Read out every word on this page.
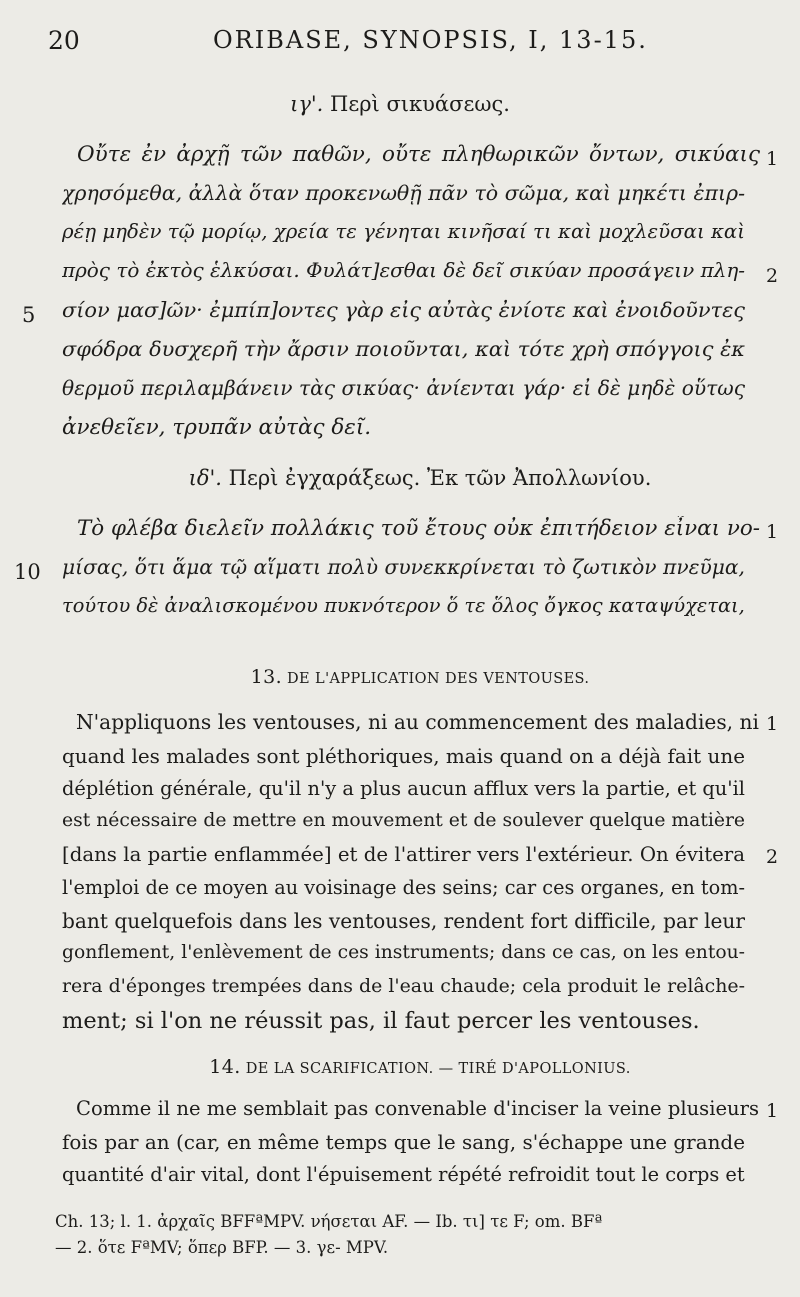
20	ORIBASE, SYNOPSIS, I, 13-15.
ιγ'. Περὶ σικυάσεως.
Οὔτε ἐν ἀρχῇ τῶν παθῶν, οὔτε πληθωρικῶν ὄντων, σικύαις
χρησόμεθα, ἀλλὰ ὅταν προκενωθῇ πᾶν τὸ σῶμα, καὶ μηκέτι ἐπιρ-
ρέῃ μηδὲν τῷ μορίῳ, χρεία τε γένηται κινῆσαί τι καὶ μοχλεῦσαι καὶ
πρὸς τὸ ἐκτὸς ἑλκύσαι. Φυλάτ]εσθαι δὲ δεῖ σικύαν προσάγειν πλη-
σίον μασ]ῶν· ἐμπίπ]οντες γὰρ εἰς αὐτὰς ἐνίοτε καὶ ἐνοιδοῦντες
σφόδρα δυσχερῆ τὴν ἄρσιν ποιοῦνται, καὶ τότε χρὴ σπόγγοις ἐκ
θερμοῦ περιλαμβάνειν τὰς σικύας· ἀνίενται γάρ· εἰ δὲ μηδὲ οὕτως
ἀνεθεῖεν, τρυπᾶν αὐτὰς δεῖ.
1
2
5
ιδ'. Περὶ ἐγχαράξεως. Ἐκ τῶν Ἀπολλωνίου.
Τὸ φλέβα διελεῖν πολλάκις τοῦ ἔτους οὐκ ἐπιτήδειον εἶναι νο-
μίσας, ὅτι ἅμα τῷ αἵματι πολὺ συνεκκρίνεται τὸ ζωτικὸν πνεῦμα,
τούτου δὲ ἀναλισκομένου πυκνότερον ὅ τε ὅλος ὄγκος καταψύχεται,
1
10
13. DE L'APPLICATION DES VENTOUSES.
N'appliquons les ventouses, ni au commencement des maladies, ni
quand les malades sont pléthoriques, mais quand on a déjà fait une
déplétion générale, qu'il n'y a plus aucun afflux vers la partie, et qu'il
est nécessaire de mettre en mouvement et de soulever quelque matière
[dans la partie enflammée] et de l'attirer vers l'extérieur. On évitera
l'emploi de ce moyen au voisinage des seins; car ces organes, en tom-
bant quelquefois dans les ventouses, rendent fort difficile, par leur
gonflement, l'enlèvement de ces instruments; dans ce cas, on les entou-
rera d'éponges trempées dans de l'eau chaude; cela produit le relâche-
ment; si l'on ne réussit pas, il faut percer les ventouses.
1
2
14. DE LA SCARIFICATION. — TIRÉ D'APOLLONIUS.
Comme il ne me semblait pas convenable d'inciser la veine plusieurs
fois par an (car, en même temps que le sang, s'échappe une grande
quantité d'air vital, dont l'épuisement répété refroidit tout le corps et
1
Ch. 13; l. 1. ἀρχαῖς BFFªMPV. νήσεται AF. — Ib. τι] τε F; om. BFª
— 2. ὅτε FªMV; ὅπερ BFP. — 3. γε- MPV.
